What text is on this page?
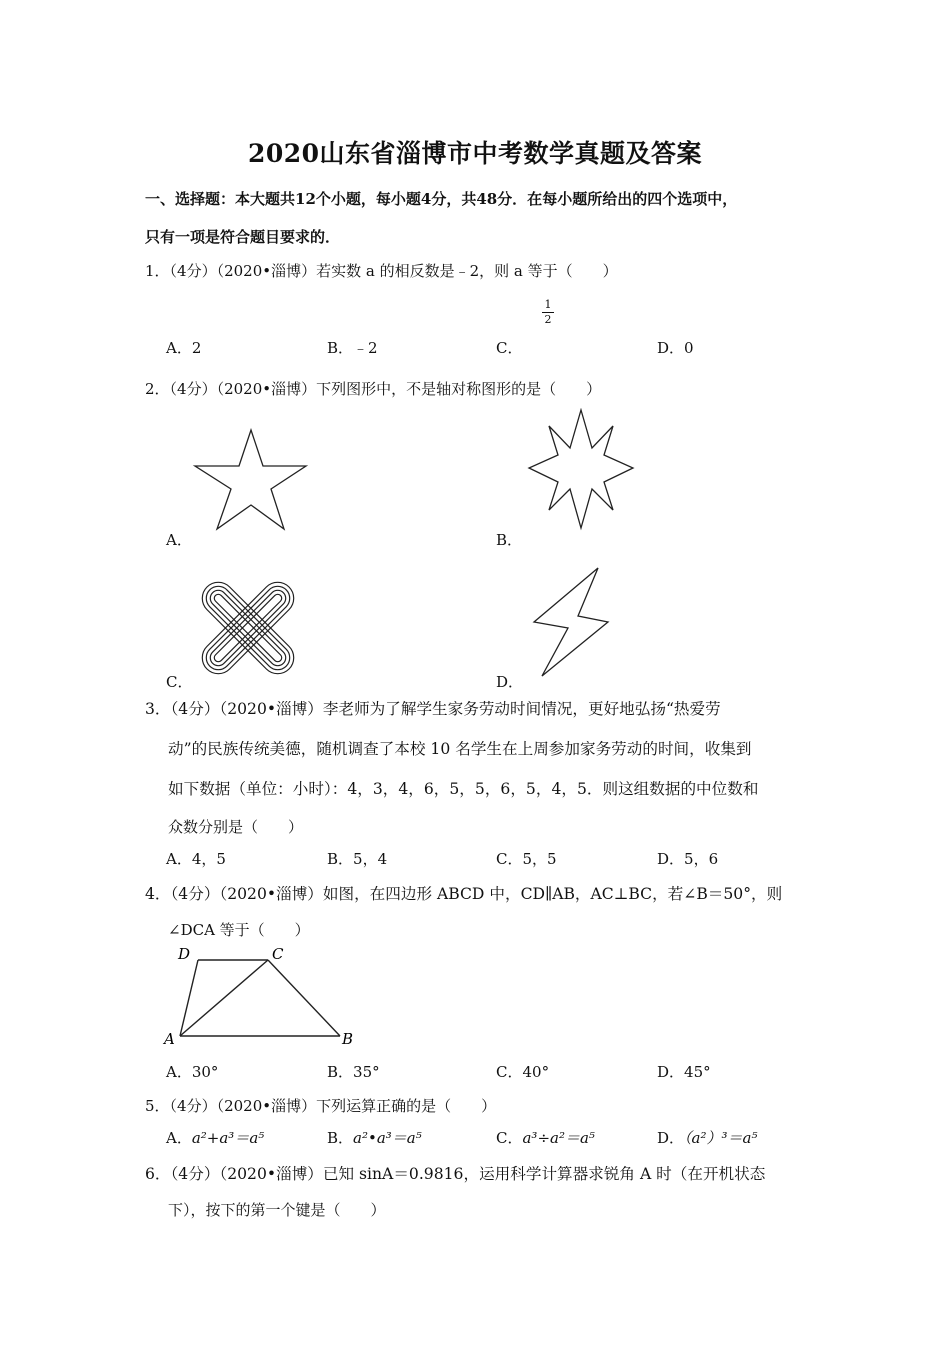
2020山东省淄博市中考数学真题及答案
一、选择题：本大题共12个小题，每小题4分，共48分．在每小题所给出的四个选项中，
只有一项是符合题目要求的．
1．（4分）（2020•淄博）若实数 a 的相反数是﹣2，则 a 等于（　　）
$\frac{1}{2}$
A．2	B．﹣2	C．	D．0
2．（4分）（2020•淄博）下列图形中，不是轴对称图形的是（　　）
A．	B．
C．	D．
3．（4分）（2020•淄博）李老师为了解学生家务劳动时间情况，更好地弘扬“热爱劳
动”的民族传统美德，随机调查了本校 10 名学生在上周参加家务劳动的时间，收集到
如下数据（单位：小时）：4，3，4，6，5，5，6，5，4，5．则这组数据的中位数和
众数分别是（　　）
A．4，5	B．5，4	C．5，5	D．5，6
4．（4分）（2020•淄博）如图，在四边形 ABCD 中，CD∥AB，AC⊥BC，若∠B＝50°，则
∠DCA 等于（　　）
D	C
A	B
A．30°	B．35°	C．40°	D．45°
5．（4分）（2020•淄博）下列运算正确的是（　　）
A．a²+a³＝a⁵	B．a²•a³＝a⁵	C．a³÷a²＝a⁵	D．（a²）³＝a⁵
6．（4分）（2020•淄博）已知 sinA＝0.9816，运用科学计算器求锐角 A 时（在开机状态
下），按下的第一个键是（　　）
